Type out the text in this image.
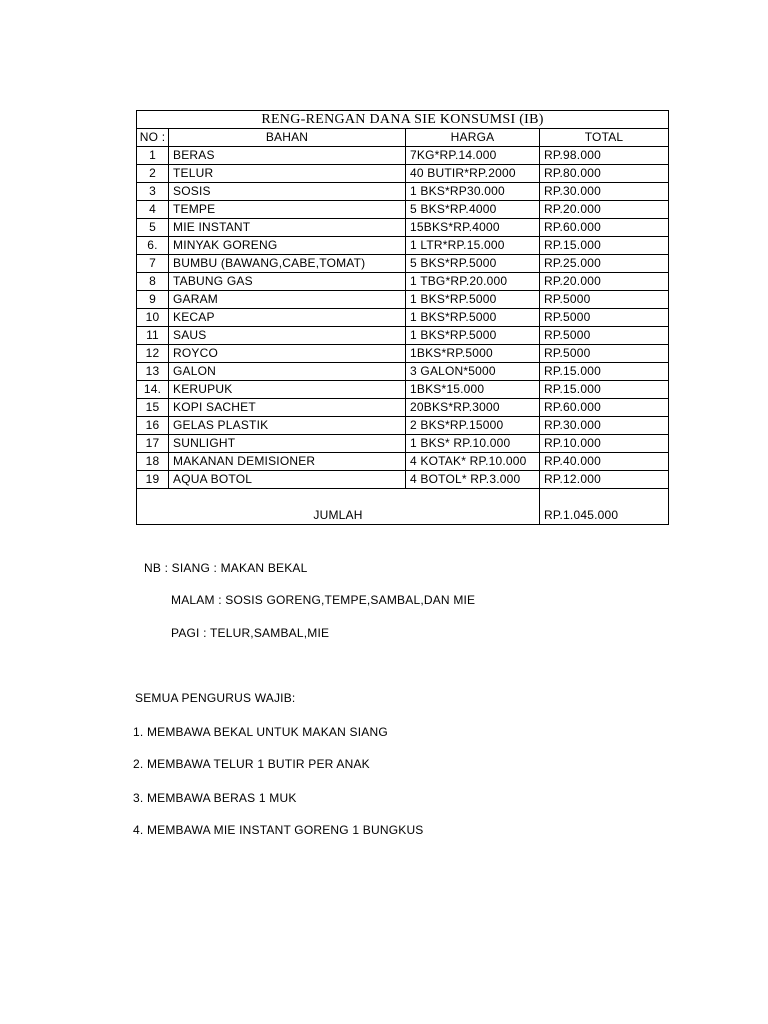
RENG-RENGAN DANA SIE KONSUMSI (IB)			
NO :	BAHAN	HARGA	TOTAL
1	BERAS	7KG*RP.14.000	RP.98.000
2	TELUR	40 BUTIR*RP.2000	RP.80.000
3	SOSIS	1 BKS*RP30.000	RP.30.000
4	TEMPE	5 BKS*RP.4000	RP.20.000
5	MIE INSTANT	15BKS*RP.4000	RP.60.000
6.	MINYAK GORENG	1 LTR*RP.15.000	RP.15.000
7	BUMBU (BAWANG,CABE,TOMAT)	5 BKS*RP.5000	RP.25.000
8	TABUNG GAS	1 TBG*RP.20.000	RP.20.000
9	GARAM	1 BKS*RP.5000	RP.5000
10	KECAP	1 BKS*RP.5000	RP.5000
11	SAUS	1 BKS*RP.5000	RP.5000
12	ROYCO	1BKS*RP.5000	RP.5000
13	GALON	3 GALON*5000	RP.15.000
14.	KERUPUK	1BKS*15.000	RP.15.000
15	KOPI SACHET	20BKS*RP.3000	RP.60.000
16	GELAS PLASTIK	2 BKS*RP.15000	RP.30.000
17	SUNLIGHT	1 BKS* RP.10.000	RP.10.000
18	MAKANAN DEMISIONER	4 KOTAK* RP.10.000	RP.40.000
19	AQUA BOTOL	4 BOTOL* RP.3.000	RP.12.000
JUMLAH			RP.1.045.000
NB : SIANG : MAKAN BEKAL
MALAM : SOSIS GORENG,TEMPE,SAMBAL,DAN MIE
PAGI : TELUR,SAMBAL,MIE
SEMUA PENGURUS WAJIB:
1. MEMBAWA BEKAL UNTUK MAKAN SIANG
2. MEMBAWA TELUR 1 BUTIR PER ANAK
3. MEMBAWA BERAS 1 MUK
4. MEMBAWA MIE INSTANT GORENG 1 BUNGKUS
